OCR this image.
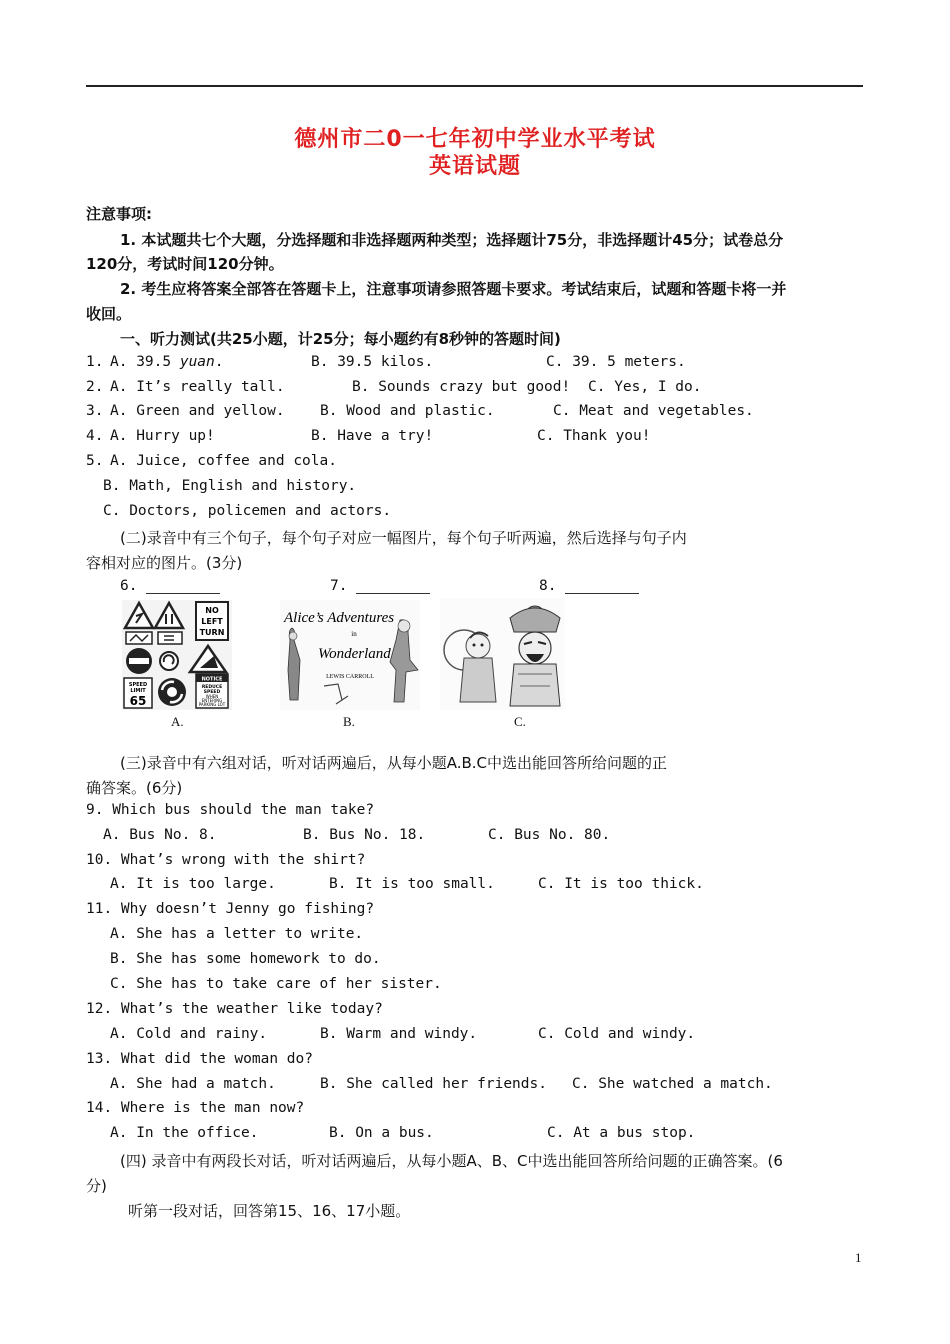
德州市二0一七年初中学业水平考试
英语试题
注意事项:
1. 本试题共七个大题，分选择题和非选择题两种类型；选择题计75分，非选择题计45分；试卷总分
120分，考试时间120分钟。
2. 考生应将答案全部答在答题卡上，注意事项请参照答题卡要求。考试结束后，试题和答题卡将一并
收回。
一、听力测试(共25小题，计25分；每小题约有8秒钟的答题时间)
1. A. 39.5 yuan.	B. 39.5 kilos.	C. 39. 5 meters.
2. A. It’s really tall.	B. Sounds crazy but good! C. Yes, I do.
3. A. Green and yellow. B. Wood and plastic.	C. Meat and vegetables.
4. A. Hurry up!	B. Have a try!	C. Thank you!
5. A. Juice, coffee and cola.
B. Math, English and history.
C. Doctors, policemen and actors.
(二)录音中有三个句子，每个句子对应一幅图片，每个句子听两遍，然后选择与句子内
容相对应的图片。(3分)
6.	7.	8.
NO
LEFT
TURN
SPEED
LIMIT
65
NOTICE
REDUCE
SPEED
WHEN
ENTERING
PARKING LOT
A.
Alice’s Adventures
in
Wonderland
LEWIS CARROLL
B.	C.
(三)录音中有六组对话，听对话两遍后，从每小题A.B.C中选出能回答所给问题的正
确答案。(6分)
9. Which bus should the man take?
A. Bus No. 8.	B. Bus No. 18.	C. Bus No. 80.
10. What’s wrong with the shirt?
A. It is too large.	B. It is too small.	C. It is too thick.
11. Why doesn’t Jenny go fishing?
A. She has a letter to write.
B. She has some homework to do.
C. She has to take care of her sister.
12. What’s the weather like today?
A. Cold and rainy.	B. Warm and windy.	C. Cold and windy.
13. What did the woman do?
A. She had a match.	B. She called her friends. C. She watched a match.
14. Where is the man now?
A. In the office.	B. On a bus.	C. At a bus stop.
(四) 录音中有两段长对话，听对话两遍后，从每小题A、B、C中选出能回答所给问题的正确答案。(6
分)
听第一段对话，回答第15、16、17小题。
1
